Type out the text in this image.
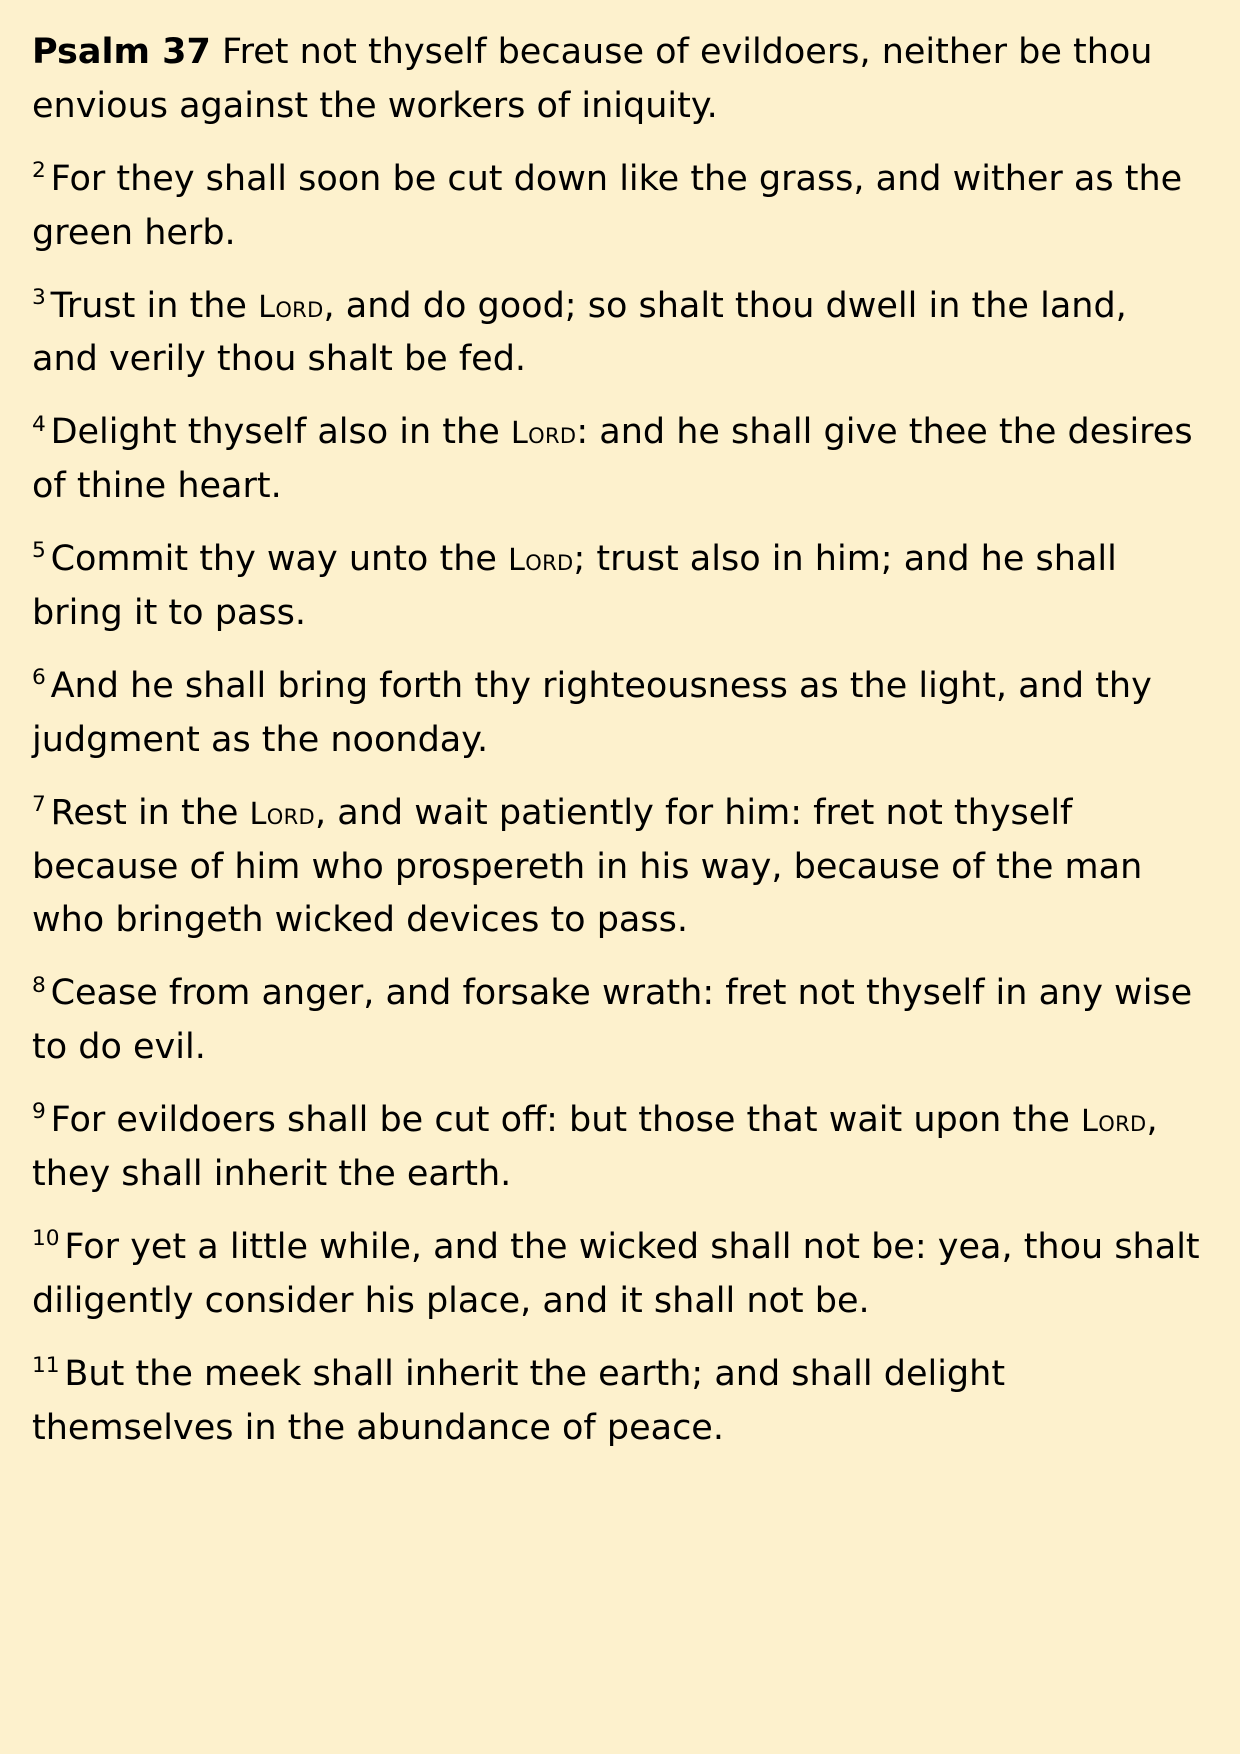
Psalm 37 Fret not thyself because of evildoers, neither be thou envious against the workers of iniquity.

$^2$ For they shall soon be cut down like the grass, and wither as the green herb.

$^3$ Trust in the Lord, and do good; so shalt thou dwell in the land, and verily thou shalt be fed.

$^4$ Delight thyself also in the Lord: and he shall give thee the desires of thine heart.

$^5$ Commit thy way unto the Lord; trust also in him; and he shall bring it to pass.

$^6$ And he shall bring forth thy righteousness as the light, and thy judgment as the noonday.

$^7$ Rest in the Lord, and wait patiently for him: fret not thyself because of him who prospereth in his way, because of the man who bringeth wicked devices to pass.

$^8$ Cease from anger, and forsake wrath: fret not thyself in any wise to do evil.

$^9$ For evildoers shall be cut off: but those that wait upon the Lord, they shall inherit the earth.

$^{10}$ For yet a little while, and the wicked shall not be: yea, thou shalt diligently consider his place, and it shall not be.

$^{11}$ But the meek shall inherit the earth; and shall delight themselves in the abundance of peace.
